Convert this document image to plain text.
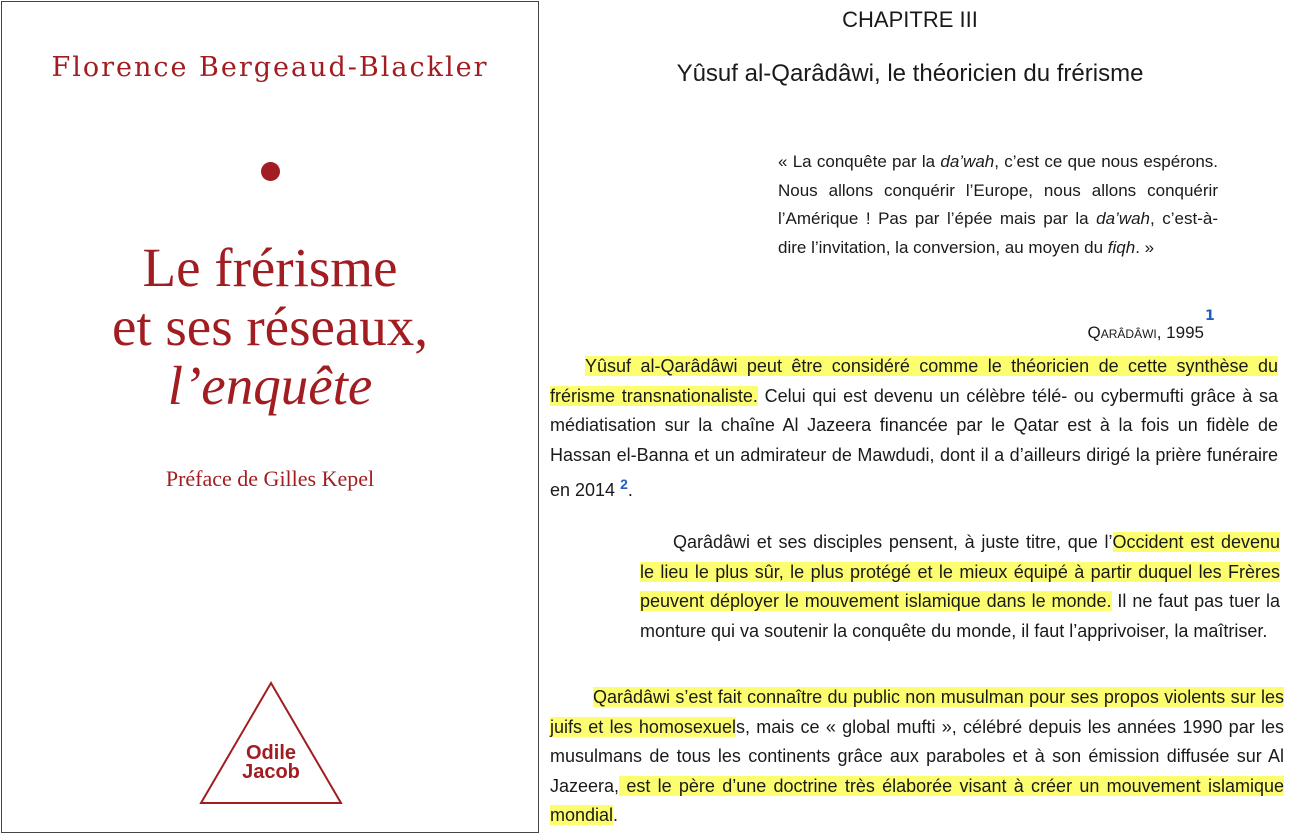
Florence Bergeaud-Blackler
Le frérisme
et ses réseaux,
l’enquête
Préface de Gilles Kepel
Odile
Jacob
CHAPITRE III
Yûsuf al-Qarâdâwi, le théoricien du frérisme
« La conquête par la da’wah, c’est ce que nous espérons. Nous allons conquérir l’Europe, nous allons conquérir l’Amérique ! Pas par l’épée mais par la da’wah, c’est-à-dire l’invitation, la conversion, au moyen du fiqh. »
Qarâdâwi, 1995
1
Yûsuf al-Qarâdâwi peut être considéré comme le théoricien de cette synthèse du frérisme transnationaliste. Celui qui est devenu un célèbre télé- ou cybermufti grâce à sa médiatisation sur la chaîne Al Jazeera financée par le Qatar est à la fois un fidèle de Hassan el-Banna et un admirateur de Mawdudi, dont il a d’ailleurs dirigé la prière funéraire en 2014 $^2$.
Qarâdâwi et ses disciples pensent, à juste titre, que l’Occident est devenu le lieu le plus sûr, le plus protégé et le mieux équipé à partir duquel les Frères peuvent déployer le mouvement islamique dans le monde. Il ne faut pas tuer la monture qui va soutenir la conquête du monde, il faut l’apprivoiser, la maîtriser.
Qarâdâwi s’est fait connaître du public non musulman pour ses propos violents sur les juifs et les homosexuels, mais ce « global mufti », célébré depuis les années 1990 par les musulmans de tous les continents grâce aux paraboles et à son émission diffusée sur Al Jazeera, est le père d’une doctrine très élaborée visant à créer un mouvement islamique mondial.
